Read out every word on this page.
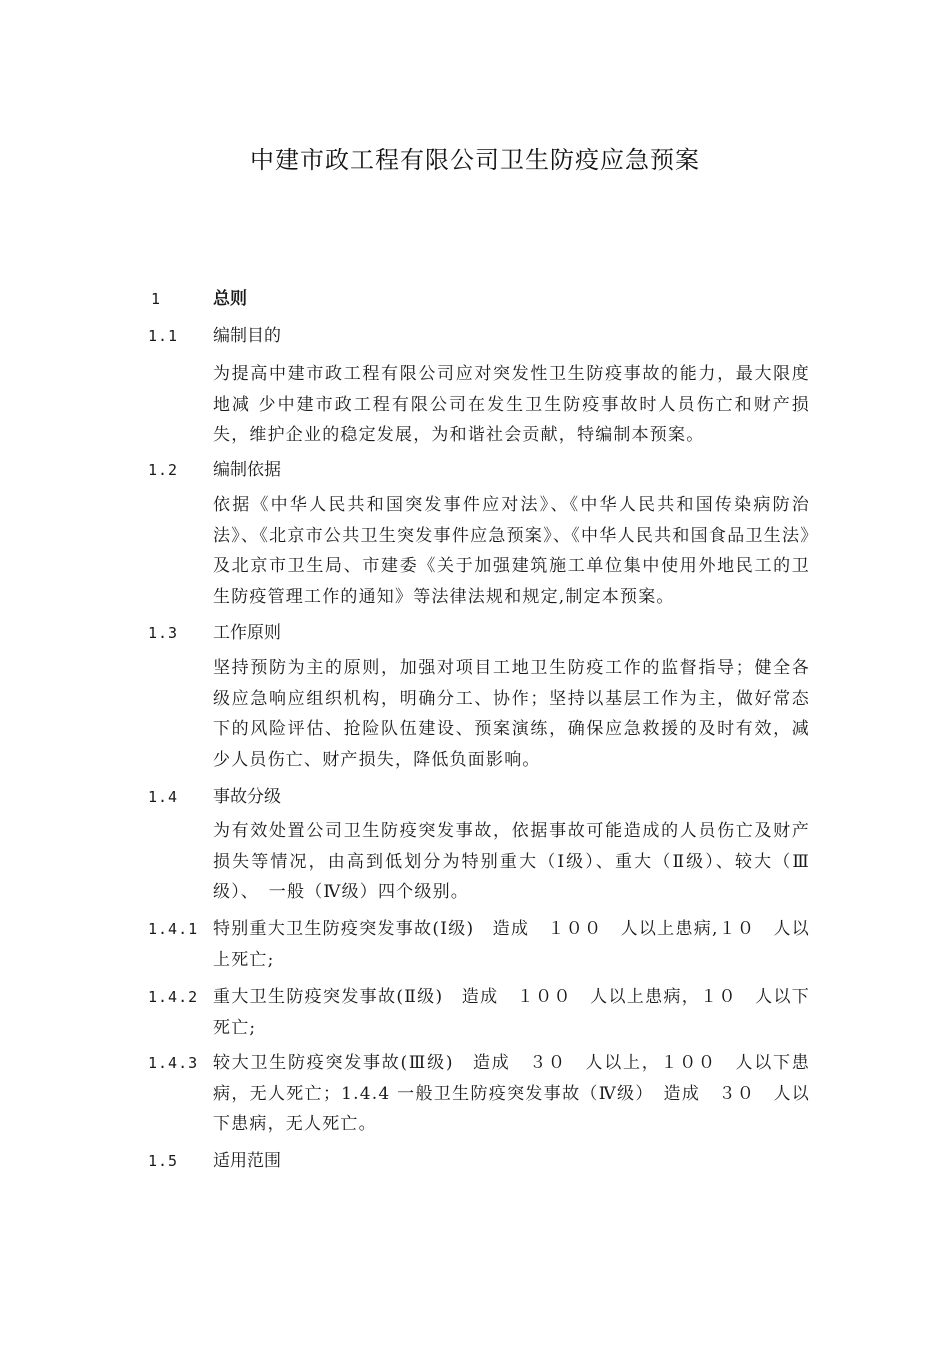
中建市政工程有限公司卫生防疫应急预案
1	总则
1.1 编制目的
为提高中建市政工程有限公司应对突发性卫生防疫事故的能力，最大限度地减 少中建市政工程有限公司在发生卫生防疫事故时人员伤亡和财产损失，维护企业的稳定发展，为和谐社会贡献，特编制本预案。
1.2 编制依据
依据《中华人民共和国突发事件应对法》、《中华人民共和国传染病防治法》、《北京市公共卫生突发事件应急预案》、《中华人民共和国食品卫生法》及北京市卫生局、市建委《关于加强建筑施工单位集中使用外地民工的卫生防疫管理工作的通知》等法律法规和规定,制定本预案。
1.3 工作原则
坚持预防为主的原则，加强对项目工地卫生防疫工作的监督指导；健全各级应急响应组织机构，明确分工、协作；坚持以基层工作为主，做好常态下的风险评估、抢险队伍建设、预案演练，确保应急救援的及时有效，减少人员伤亡、财产损失，降低负面影响。
1.4 事故分级
为有效处置公司卫生防疫突发事故，依据事故可能造成的人员伤亡及财产损失等情况，由高到低划分为特别重大（Ⅰ级）、重大（Ⅱ级）、较大（Ⅲ级）、　一般（Ⅳ级）四个级别。
1.4.1 特别重大卫生防疫突发事故(Ⅰ级)　造成　１００　人以上患病,１０　人以上死亡;
1.4.2 重大卫生防疫突发事故(Ⅱ级)　造成　１００　人以上患病，１０　人以下死亡;
1.4.3 较大卫生防疫突发事故(Ⅲ级)　造成　３０　人以上，１００　人以下患病，无人死亡；1.4.4 一般卫生防疫突发事故（Ⅳ级）　造成　３０　人以下患病，无人死亡。
1.5 适用范围
